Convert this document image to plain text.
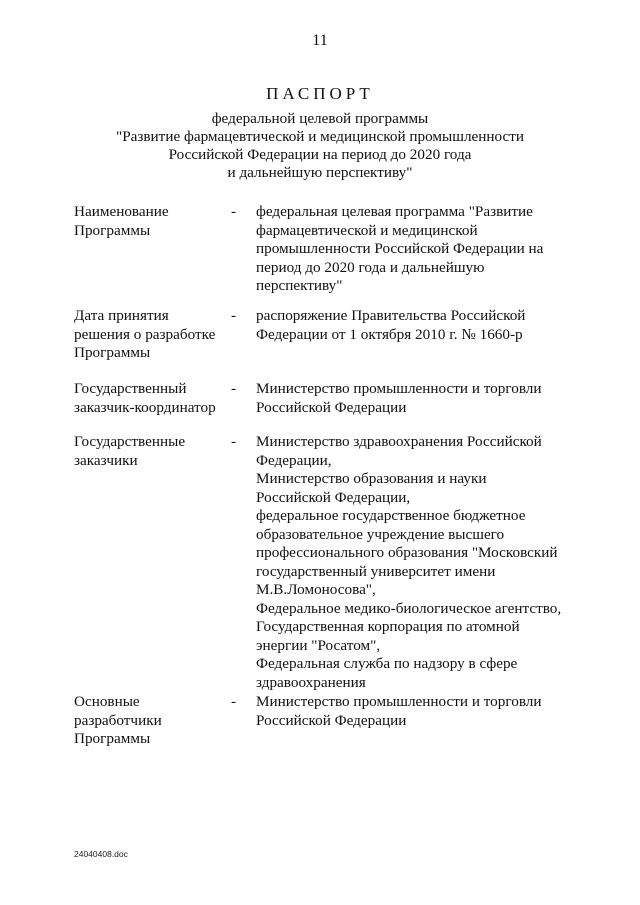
11
ПАСПОРТ
федеральной целевой программы
"Развитие фармацевтической и медицинской промышленности
Российской Федерации на период до 2020 года
и дальнейшую перспективу"
Наименование
Программы
- федеральная целевая программа "Развитие
фармацевтической и медицинской
промышленности Российской Федерации на
период до 2020 года и дальнейшую
перспективу"
Дата принятия
решения о разработке
Программы
- распоряжение Правительства Российской
Федерации от 1 октября 2010 г. № 1660-р
Государственный
заказчик-координатор
- Министерство промышленности и торговли
Российской Федерации
Государственные
заказчики
- Министерство здравоохранения Российской
Федерации,
Министерство образования и науки
Российской Федерации,
федеральное государственное бюджетное
образовательное учреждение высшего
профессионального образования "Московский
государственный университет имени
М.В.Ломоносова",
Федеральное медико-биологическое агентство,
Государственная корпорация по атомной
энергии "Росатом",
Федеральная служба по надзору в сфере
здравоохранения
Основные
разработчики
Программы
- Министерство промышленности и торговли
Российской Федерации
24040408.doc
